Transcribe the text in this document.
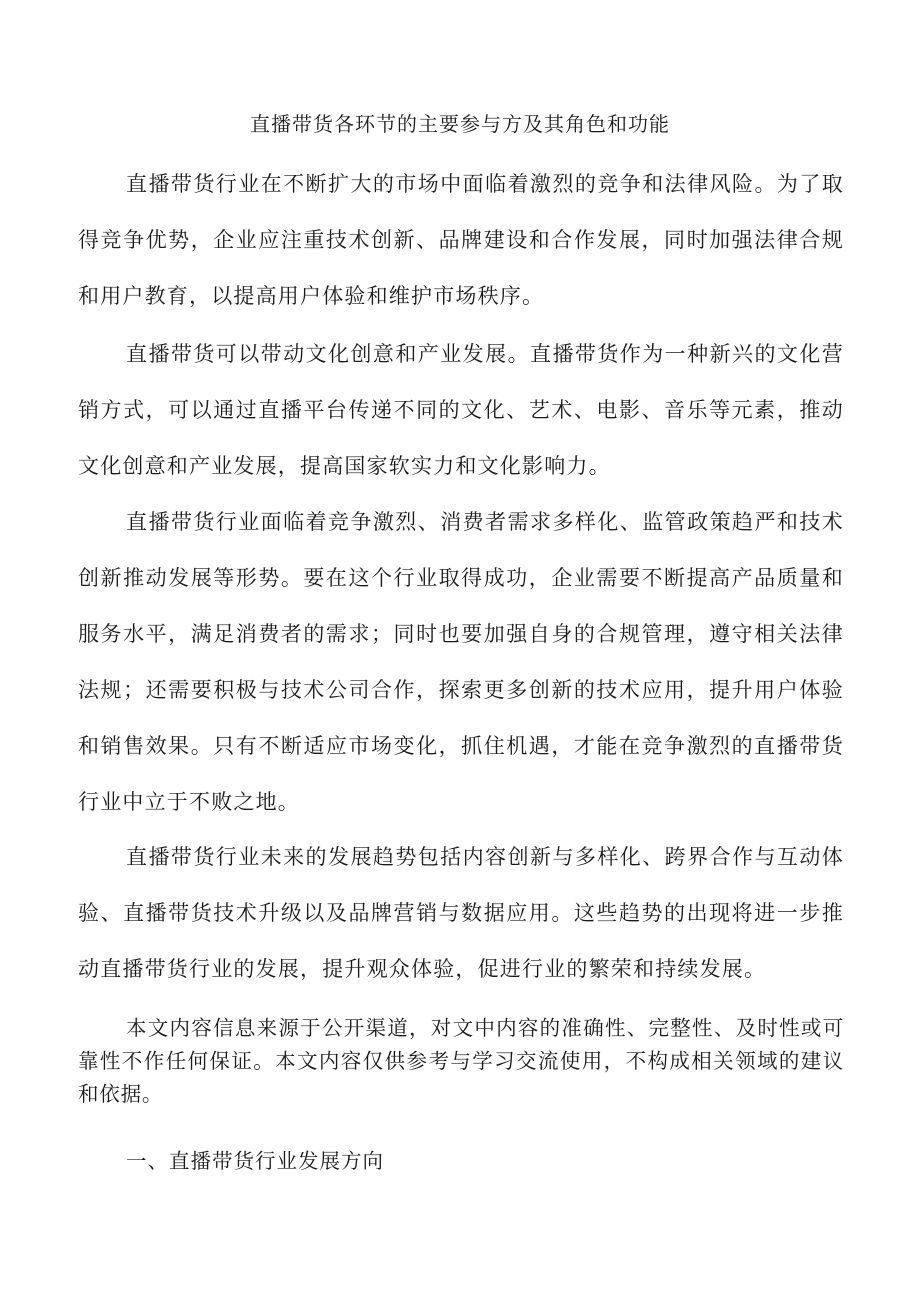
直播带货各环节的主要参与方及其角色和功能

直播带货行业在不断扩大的市场中面临着激烈的竞争和法律风险。为了取得竞争优势，企业应注重技术创新、品牌建设和合作发展，同时加强法律合规和用户教育，以提高用户体验和维护市场秩序。

直播带货可以带动文化创意和产业发展。直播带货作为一种新兴的文化营销方式，可以通过直播平台传递不同的文化、艺术、电影、音乐等元素，推动文化创意和产业发展，提高国家软实力和文化影响力。

直播带货行业面临着竞争激烈、消费者需求多样化、监管政策趋严和技术创新推动发展等形势。要在这个行业取得成功，企业需要不断提高产品质量和服务水平，满足消费者的需求；同时也要加强自身的合规管理，遵守相关法律法规；还需要积极与技术公司合作，探索更多创新的技术应用，提升用户体验和销售效果。只有不断适应市场变化，抓住机遇，才能在竞争激烈的直播带货行业中立于不败之地。

直播带货行业未来的发展趋势包括内容创新与多样化、跨界合作与互动体验、直播带货技术升级以及品牌营销与数据应用。这些趋势的出现将进一步推动直播带货行业的发展，提升观众体验，促进行业的繁荣和持续发展。

本文内容信息来源于公开渠道，对文中内容的准确性、完整性、及时性或可靠性不作任何保证。本文内容仅供参考与学习交流使用，不构成相关领域的建议和依据。

一、直播带货行业发展方向
